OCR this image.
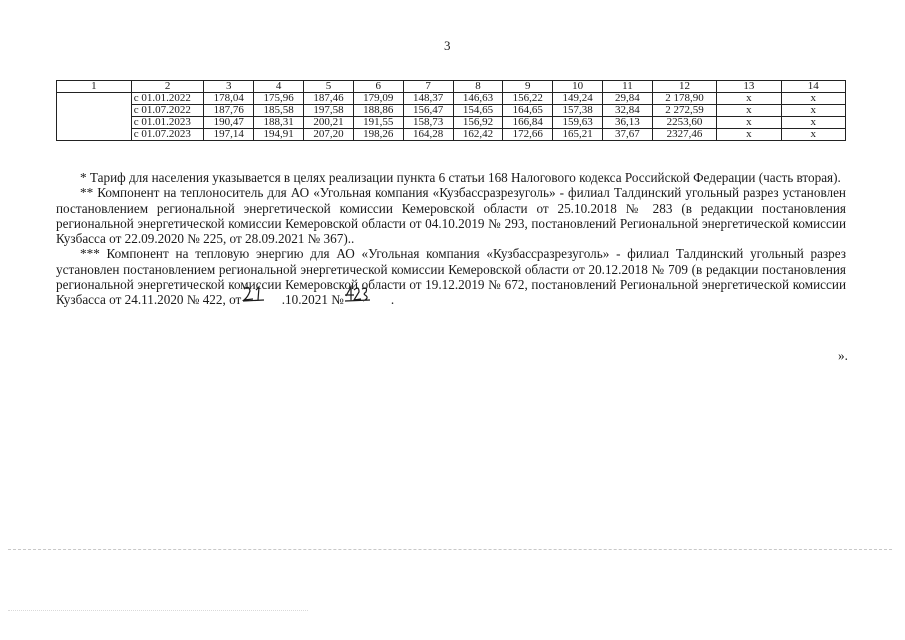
3
1	2	3	4	5	6	7	8	9	10	11	12	13	14
	с 01.01.2022	178,04	175,96	187,46	179,09	148,37	146,63	156,22	149,24	29,84	2 178,90	х	х
	с 01.07.2022	187,76	185,58	197,58	188,86	156,47	154,65	164,65	157,38	32,84	2 272,59	х	х
	с 01.01.2023	190,47	188,31	200,21	191,55	158,73	156,92	166,84	159,63	36,13	2253,60	х	х
	с 01.07.2023	197,14	194,91	207,20	198,26	164,28	162,42	172,66	165,21	37,67	2327,46	х	х

* Тариф для населения указывается в целях реализации пункта 6 статьи 168 Налогового кодекса Российской Федерации (часть вторая).

** Компонент на теплоноситель для АО «Угольная компания «Кузбассразрезуголь» - филиал Талдинский угольный разрез установлен постановлением региональной энергетической комиссии Кемеровской области от 25.10.2018 № 283 (в редакции постановления региональной энергетической комиссии Кемеровской области от 04.10.2019 № 293, постановлений Региональной энергетической комиссии Кузбасса от 22.09.2020 № 225, от 28.09.2021 № 367)..

*** Компонент на тепловую энергию для АО «Угольная компания «Кузбассразрезуголь» - филиал Талдинский угольный разрез установлен постановлением региональной энергетической комиссии Кемеровской области от 20.12.2018 № 709 (в редакции постановления региональной энергетической комиссии Кемеровской области от 19.12.2019 № 672, постановлений Региональной энергетической комиссии Кузбасса от 24.11.2020 № 422, от	.10.2021 №	.

».
